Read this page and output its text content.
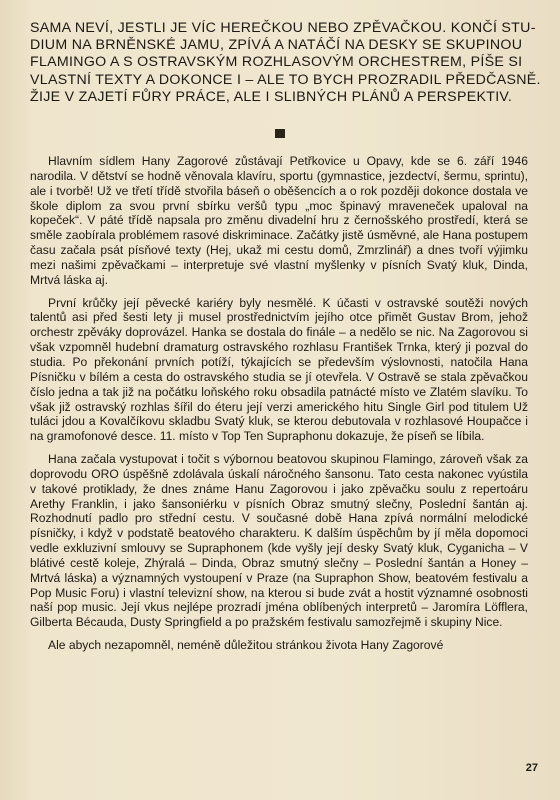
SAMA NEVÍ, JESTLI JE VÍC HEREČKOU NEBO ZPĚVAČKOU. KONČÍ STU-
DIUM NA BRNĚNSKÉ JAMU, ZPÍVÁ A NATÁČÍ NA DESKY SE SKUPINOU
FLAMINGO A S OSTRAVSKÝM ROZHLASOVÝM ORCHESTREM, PÍŠE SI
VLASTNÍ TEXTY A DOKONCE I – ALE TO BYCH PROZRADIL PŘEDČASNĚ.
ŽIJE V ZAJETÍ FŮRY PRÁCE, ALE I SLIBNÝCH PLÁNŮ A PERSPEKTIV.

Hlavním sídlem Hany Zagorové zůstávají Petřkovice u Opavy, kde se 6. září 1946 narodila. V dětství se hodně věnovala klavíru, sportu (gymnastice, jezdectví, šermu, sprintu), ale i tvorbě! Už ve třetí třídě stvořila báseň o oběšencích a o rok později dokonce dostala ve škole diplom za svou první sbírku veršů typu „moc špinavý mraveneček upaloval na kopeček“. V páté třídě napsala pro změnu divadelní hru z černošského prostředí, která se směle zaobírala problémem rasové diskriminace. Začátky jistě úsměvné, ale Hana postupem času začala psát písňové texty (Hej, ukaž mi cestu domů, Zmrzlinář) a dnes tvoří výjimku mezi našimi zpěvačkami – interpretuje své vlastní myšlenky v písních Svatý kluk, Dinda, Mrtvá láska aj.

První krůčky její pěvecké kariéry byly nesmělé. K účasti v ostravské soutěži nových talentů asi před šesti lety ji musel prostřednictvím jejího otce přimět Gustav Brom, jehož orchestr zpěváky doprovázel. Hanka se dostala do finále – a nedělo se nic. Na Zagorovou si však vzpomněl hudební dramaturg ostravského rozhlasu František Trnka, který ji pozval do studia. Po překonání prvních potíží, týkajících se především výslovnosti, natočila Hana Písničku v bílém a cesta do ostravského studia se jí otevřela. V Ostravě se stala zpěvačkou číslo jedna a tak již na počátku loňského roku obsadila patnácté místo ve Zlatém slavíku. To však již ostravský rozhlas šířil do éteru její verzi amerického hitu Single Girl pod titulem Už tuláci jdou a Kovalčíkovu skladbu Svatý kluk, se kterou debutovala v rozhlasové Houpačce i na gramofonové desce. 11. místo v Top Ten Supraphonu dokazuje, že píseň se líbila.

Hana začala vystupovat i točit s výbornou beatovou skupinou Flamingo, zároveň však za doprovodu ORO úspěšně zdolávala úskalí náročného šansonu. Tato cesta nakonec vyústila v takové protiklady, že dnes známe Hanu Zagorovou i jako zpěvačku soulu z repertoáru Arethy Franklin, i jako šansoniérku v písních Obraz smutný slečny, Poslední šantán aj. Rozhodnutí padlo pro střední cestu. V současné době Hana zpívá normální melodické písničky, i když v podstatě beatového charakteru. K dalším úspěchům by jí měla dopomoci vedle exkluzivní smlouvy se Supraphonem (kde vyšly její desky Svatý kluk, Cyganicha – V blátivé cestě koleje, Zhýralá – Dinda, Obraz smutný slečny – Poslední šantán a Honey – Mrtvá láska) a významných vystoupení v Praze (na Supraphon Show, beatovém festivalu a Pop Music Foru) i vlastní televizní show, na kterou si bude zvát a hostit významné osobnosti naší pop music. Její vkus nejlépe prozradí jména oblíbených interpretů – Jaromíra Löfflera, Gilberta Bécauda, Dusty Springfield a po pražském festivalu samozřejmě i skupiny Nice.

Ale abych nezapomněl, neméně důležitou stránkou života Hany Zagorové

27
